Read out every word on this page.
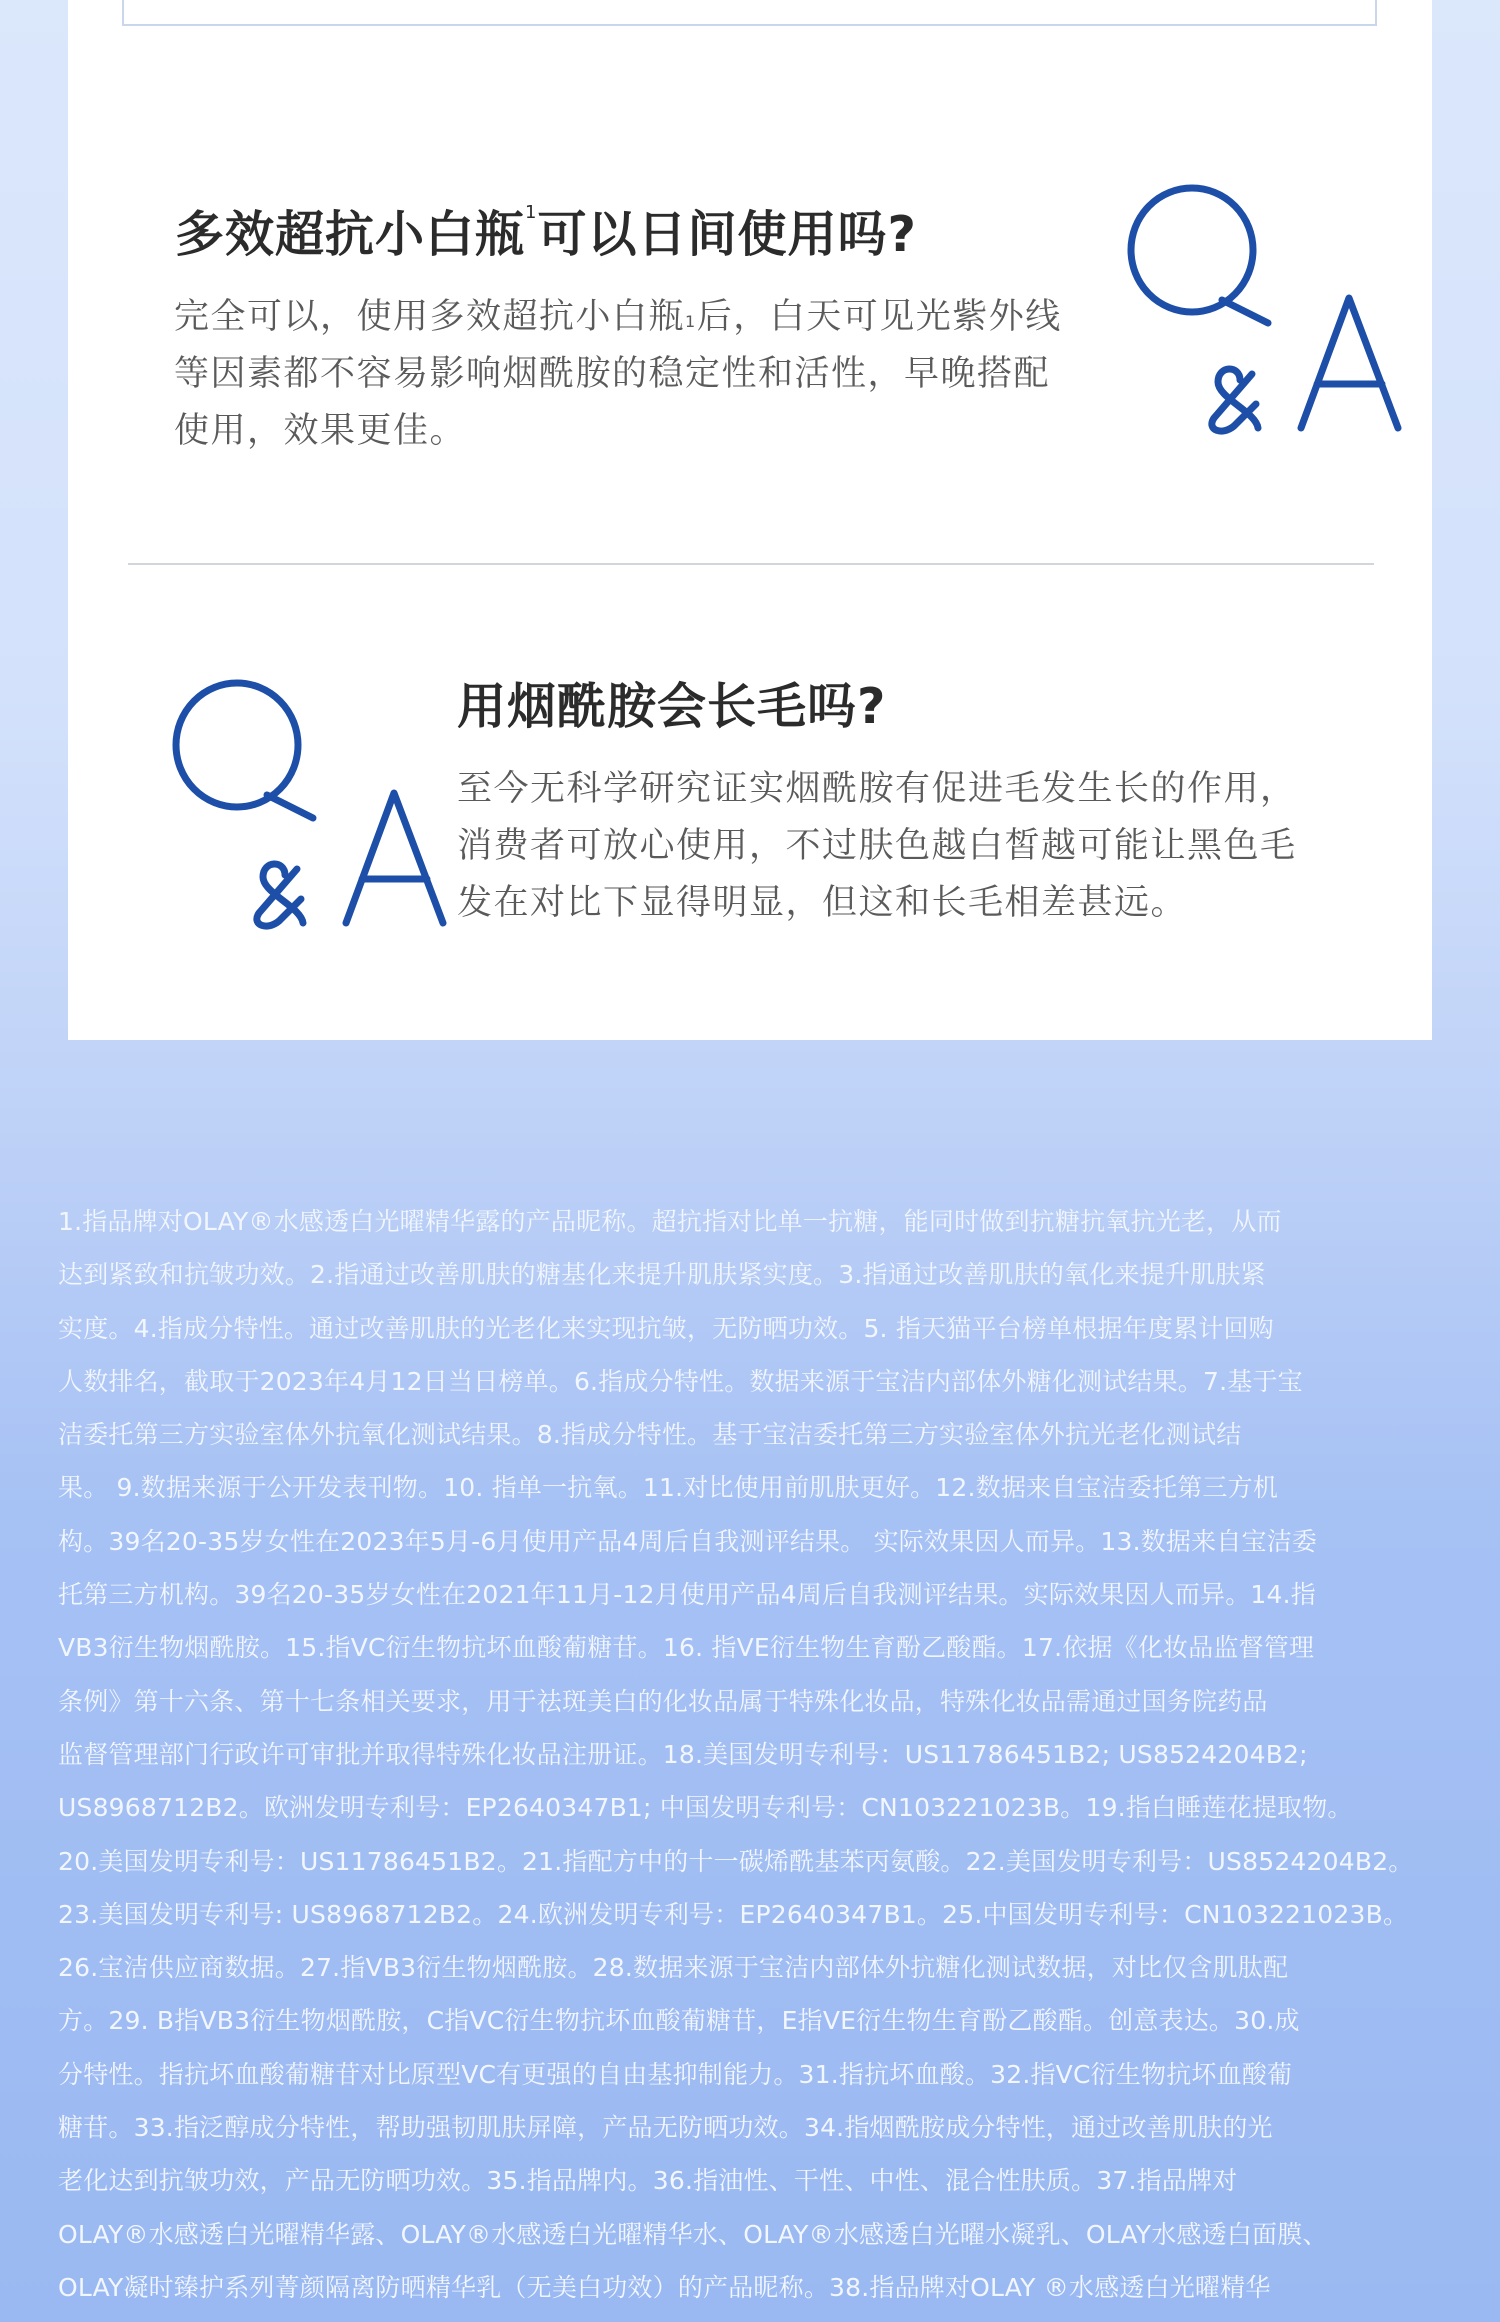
多效超抗小白瓶$^1$可以日间使用吗?
完全可以，使用多效超抗小白瓶$^1$后，白天可见光紫外线
等因素都不容易影响烟酰胺的稳定性和活性，早晚搭配
使用，效果更佳。
用烟酰胺会长毛吗?
至今无科学研究证实烟酰胺有促进毛发生长的作用，
消费者可放心使用，不过肤色越白皙越可能让黑色毛
发在对比下显得明显，但这和长毛相差甚远。
1.指品牌对OLAY®水感透白光曜精华露的产品昵称。超抗指对比单一抗糖，能同时做到抗糖抗氧抗光老，从而
达到紧致和抗皱功效。2.指通过改善肌肤的糖基化来提升肌肤紧实度。3.指通过改善肌肤的氧化来提升肌肤紧
实度。4.指成分特性。通过改善肌肤的光老化来实现抗皱，无防晒功效。5. 指天猫平台榜单根据年度累计回购
人数排名，截取于2023年4月12日当日榜单。6.指成分特性。数据来源于宝洁内部体外糖化测试结果。7.基于宝
洁委托第三方实验室体外抗氧化测试结果。8.指成分特性。基于宝洁委托第三方实验室体外抗光老化测试结
果。 9.数据来源于公开发表刊物。10. 指单一抗氧。11.对比使用前肌肤更好。12.数据来自宝洁委托第三方机
构。39名20-35岁女性在2023年5月-6月使用产品4周后自我测评结果。 实际效果因人而异。13.数据来自宝洁委
托第三方机构。39名20-35岁女性在2021年11月-12月使用产品4周后自我测评结果。实际效果因人而异。14.指
VB3衍生物烟酰胺。15.指VC衍生物抗坏血酸葡糖苷。16. 指VE衍生物生育酚乙酸酯。17.依据《化妆品监督管理
条例》第十六条、第十七条相关要求，用于祛斑美白的化妆品属于特殊化妆品，特殊化妆品需通过国务院药品
监督管理部门行政许可审批并取得特殊化妆品注册证。18.美国发明专利号：US11786451B2; US8524204B2;
US8968712B2。欧洲发明专利号：EP2640347B1; 中国发明专利号：CN103221023B。19.指白睡莲花提取物。
20.美国发明专利号：US11786451B2。21.指配方中的十一碳烯酰基苯丙氨酸。22.美国发明专利号：US8524204B2。
23.美国发明专利号: US8968712B2。24.欧洲发明专利号：EP2640347B1。25.中国发明专利号：CN103221023B。
26.宝洁供应商数据。27.指VB3衍生物烟酰胺。28.数据来源于宝洁内部体外抗糖化测试数据，对比仅含肌肽配
方。29. B指VB3衍生物烟酰胺，C指VC衍生物抗坏血酸葡糖苷，E指VE衍生物生育酚乙酸酯。创意表达。30.成
分特性。指抗坏血酸葡糖苷对比原型VC有更强的自由基抑制能力。31.指抗坏血酸。32.指VC衍生物抗坏血酸葡
糖苷。33.指泛醇成分特性，帮助强韧肌肤屏障，产品无防晒功效。34.指烟酰胺成分特性，通过改善肌肤的光
老化达到抗皱功效，产品无防晒功效。35.指品牌内。36.指油性、干性、中性、混合性肤质。37.指品牌对
OLAY®水感透白光曜精华露、OLAY®水感透白光曜精华水、OLAY®水感透白光曜水凝乳、OLAY水感透白面膜、
OLAY凝时臻护系列菁颜隔离防晒精华乳（无美白功效）的产品昵称。38.指品牌对OLAY ®水感透白光曜精华
